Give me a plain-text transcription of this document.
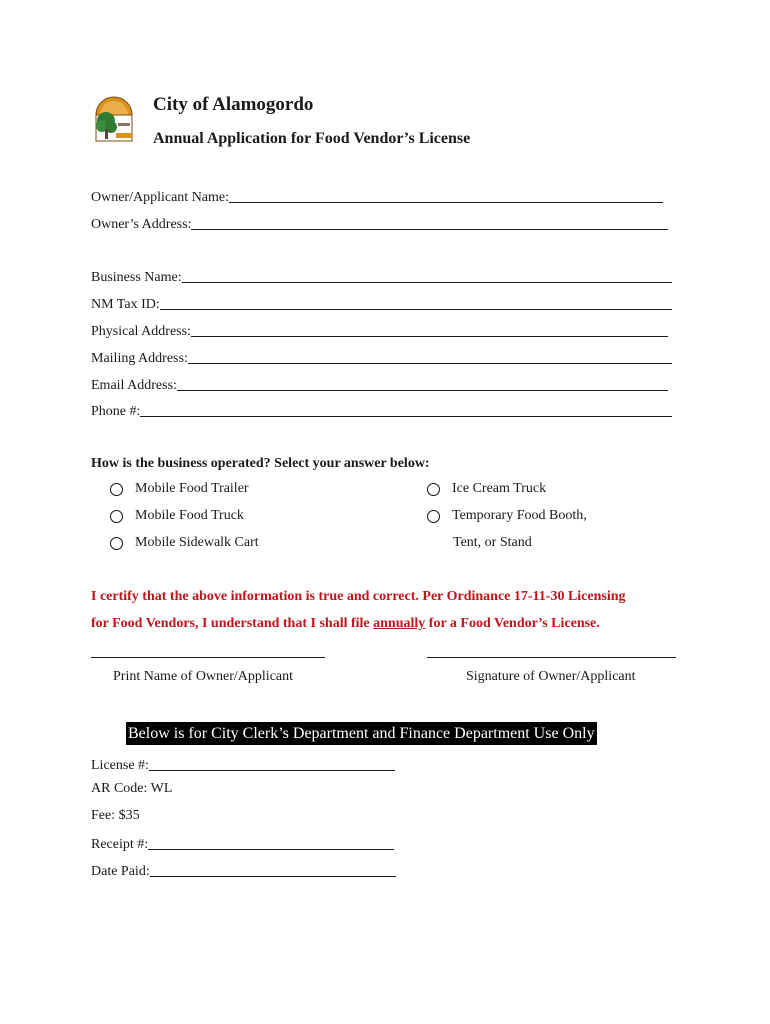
City of Alamogordo
Annual Application for Food Vendor’s License
Owner/Applicant Name:
Owner’s Address:
Business Name:
NM Tax ID:
Physical Address:
Mailing Address:
Email Address:
Phone #:
How is the business operated? Select your answer below:
Mobile Food Trailer
Mobile Food Truck
Mobile Sidewalk Cart
Ice Cream Truck
Temporary Food Booth,
Tent, or Stand
I certify that the above information is true and correct. Per Ordinance 17-11-30 Licensing
for Food Vendors, I understand that I shall file annually for a Food Vendor’s License.
Print Name of Owner/Applicant	Signature of Owner/Applicant
Below is for City Clerk’s Department and Finance Department Use Only
License #:
AR Code: WL
Fee: $35
Receipt #:
Date Paid:
